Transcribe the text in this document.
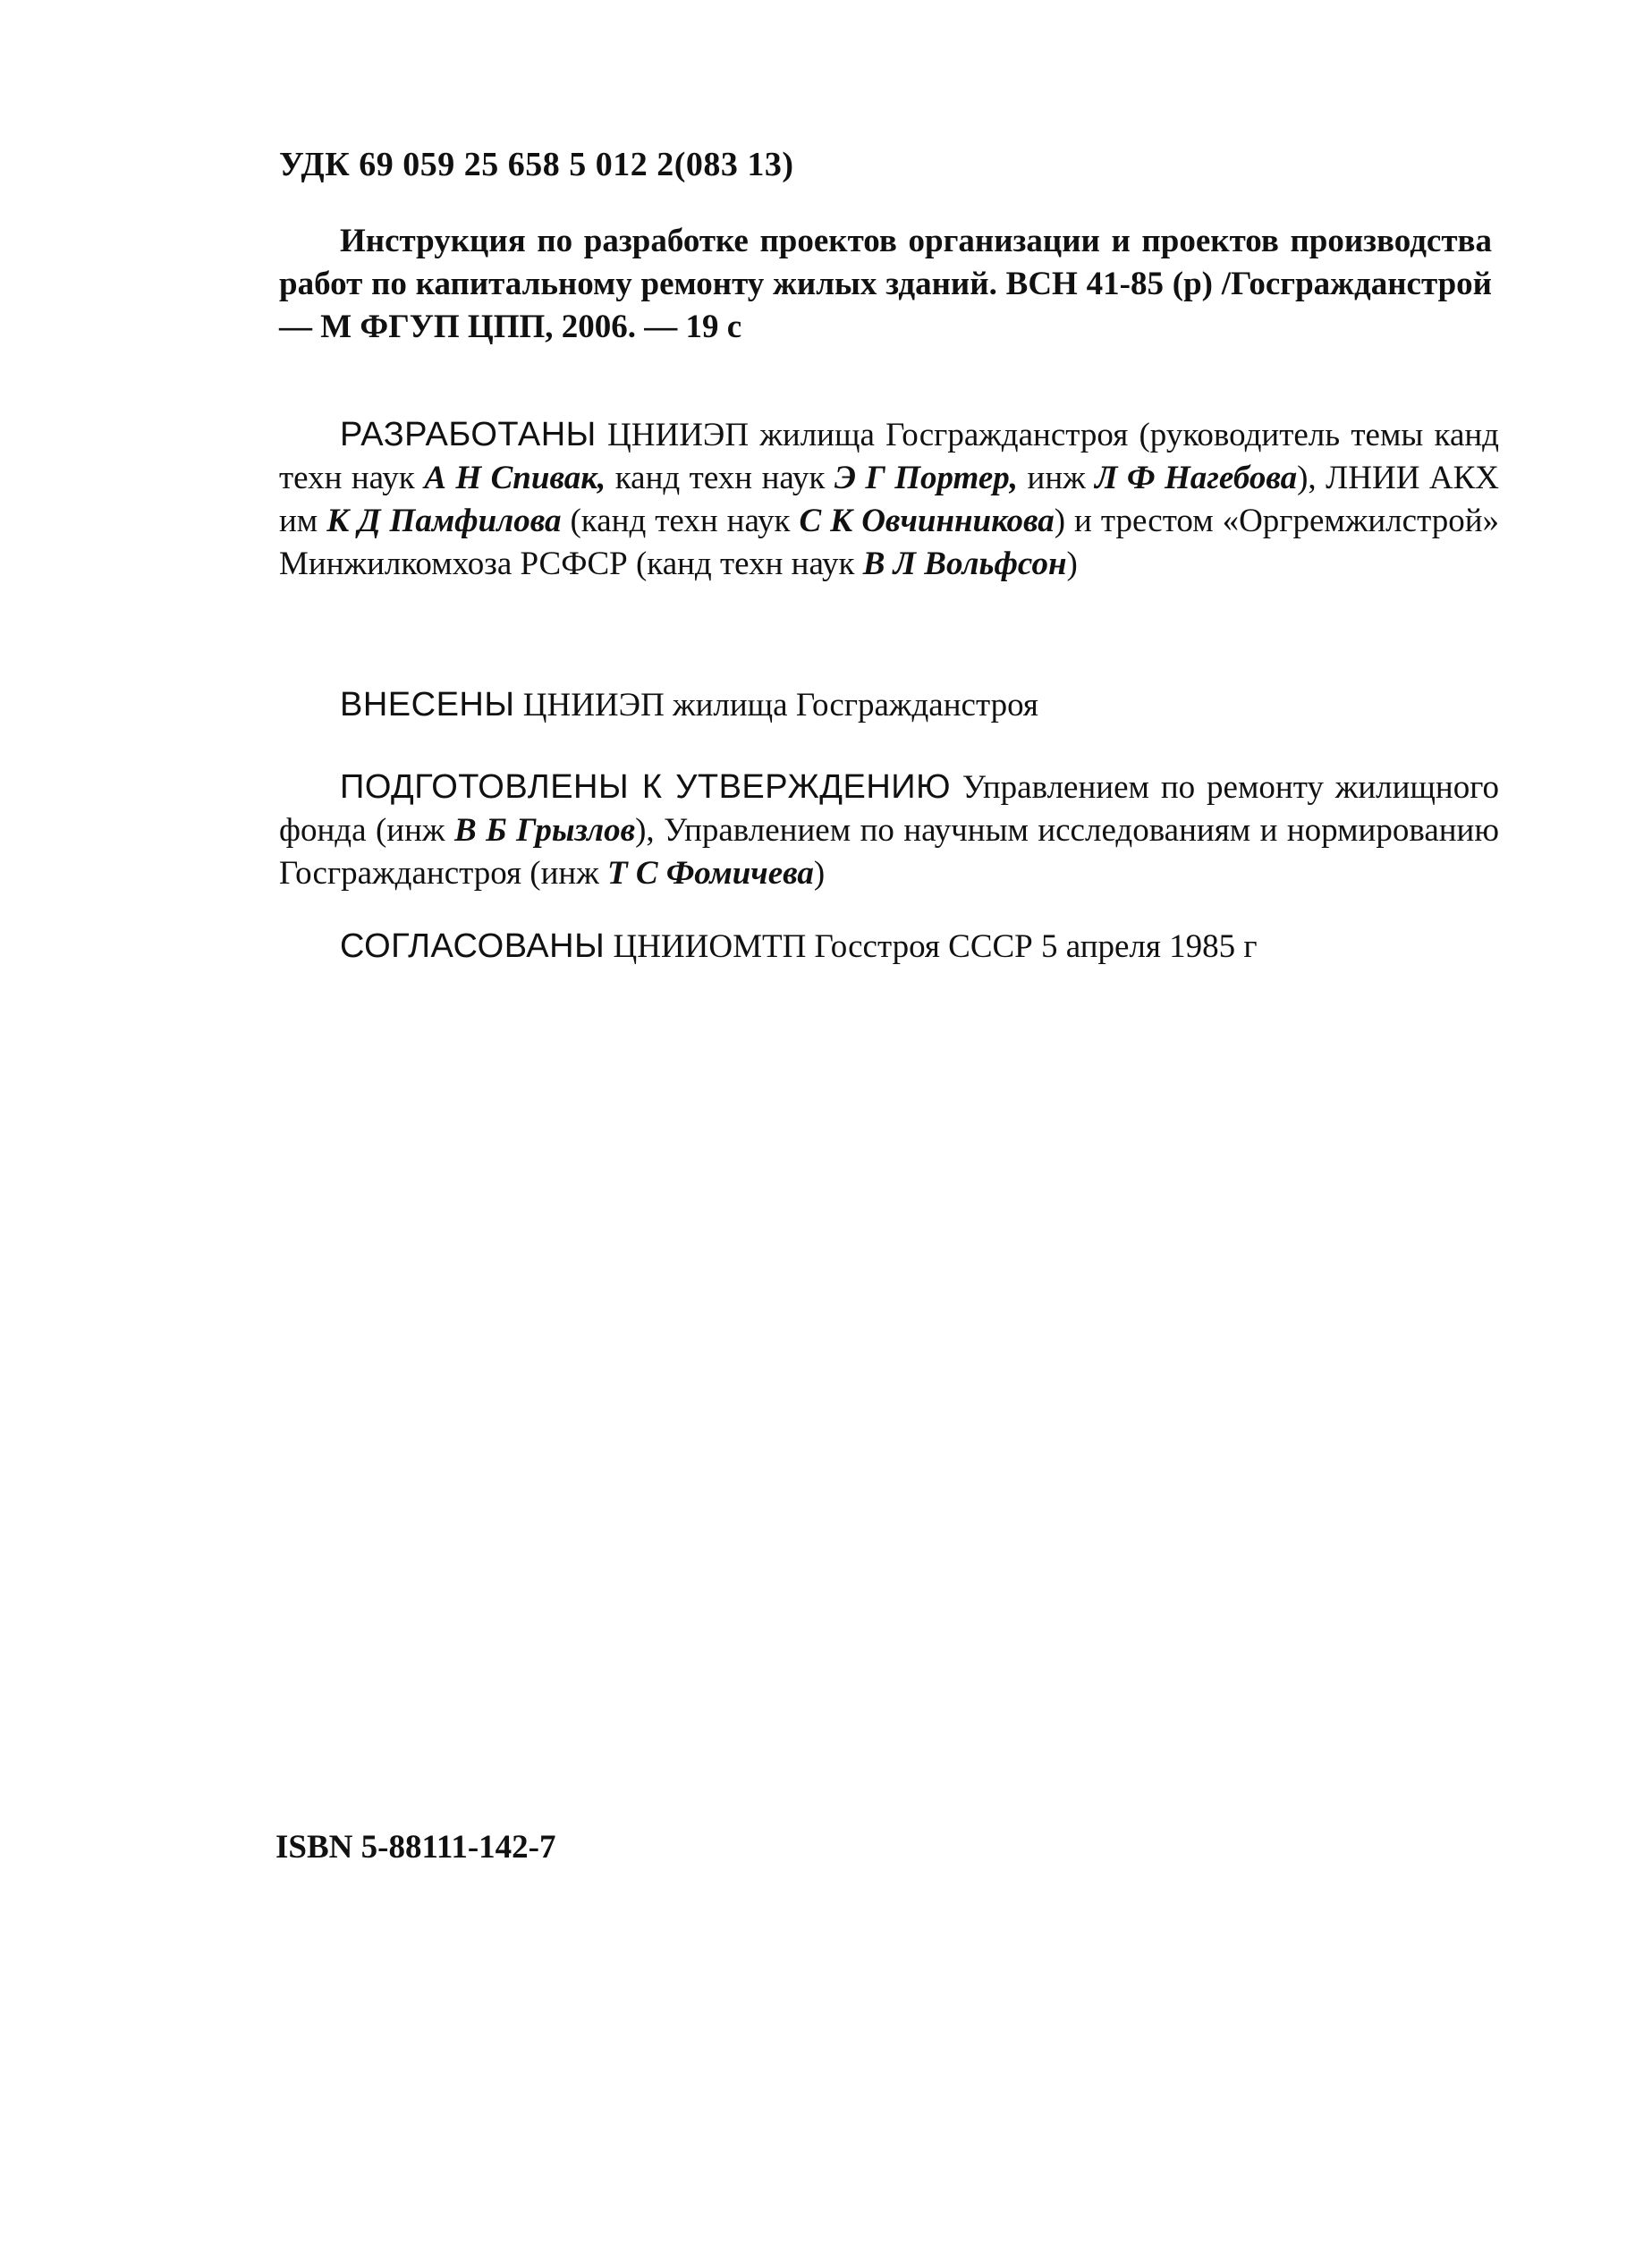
УДК 69 059 25 658 5 012 2(083 13)
Инструкция по разработке проектов организации и проектов производства работ по капитальному ремонту жилых зданий. ВСН 41-85 (р) /Госгражданстрой — М ФГУП ЦПП, 2006. — 19 с
РАЗРАБОТАНЫ ЦНИИЭП жилища Госгражданстроя (руководитель темы канд техн наук А Н Спивак, канд техн наук Э Г Портер, инж Л Ф Нагебова), ЛНИИ АКХ им К Д Памфилова (канд техн наук С К Овчинникова) и трестом «Оргремжилстрой» Минжилкомхоза РСФСР (канд техн наук В Л Вольфсон)
ВНЕСЕНЫ ЦНИИЭП жилища Госгражданстроя
ПОДГОТОВЛЕНЫ К УТВЕРЖДЕНИЮ Управлением по ремонту жилищного фонда (инж В Б Грызлов), Управлением по научным исследованиям и нормированию Госгражданстроя (инж Т С Фомичева)
СОГЛАСОВАНЫ ЦНИИОМТП Госстроя СССР 5 апреля 1985 г
ISBN 5-88111-142-7
